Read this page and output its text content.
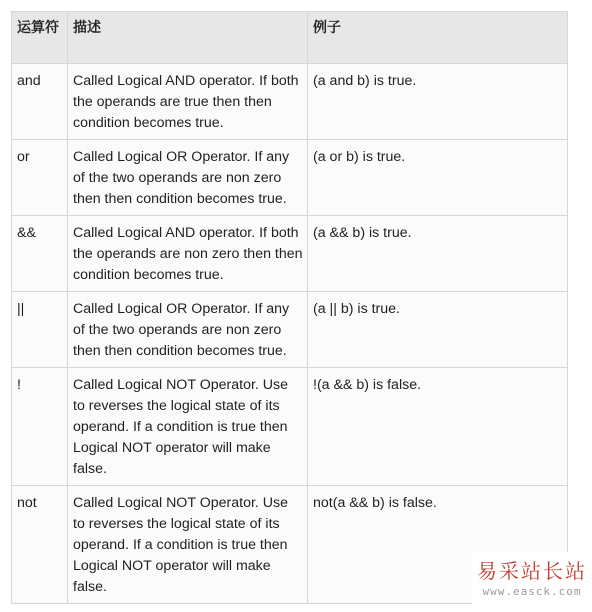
运算符	描述	例子
and	Called Logical AND operator. If both the operands are true then then condition becomes true.	(a and b) is true.
or	Called Logical OR Operator. If any of the two operands are non zero then then condition becomes true.	(a or b) is true.
&&	Called Logical AND operator. If both the operands are non zero then then condition becomes true.	(a && b) is true.
||	Called Logical OR Operator. If any of the two operands are non zero then then condition becomes true.	(a || b) is true.
!	Called Logical NOT Operator. Use to reverses the logical state of its operand. If a condition is true then Logical NOT operator will make false.	!(a && b) is false.
not	Called Logical NOT Operator. Use to reverses the logical state of its operand. If a condition is true then Logical NOT operator will make false.	not(a && b) is false.
易采站长站
www.easck.com
